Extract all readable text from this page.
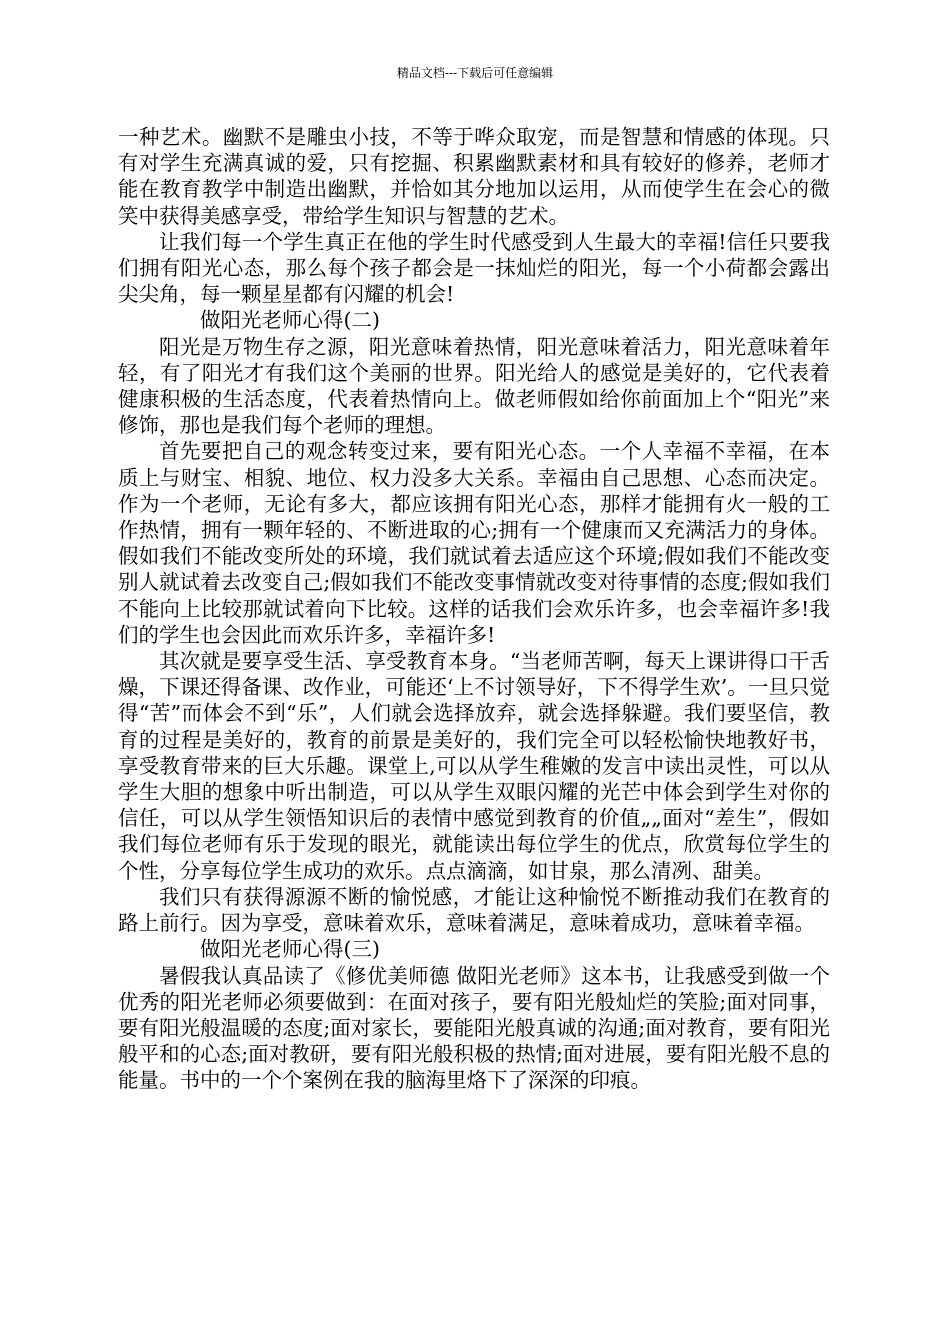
精品文档---下载后可任意编辑

一种艺术。幽默不是雕虫小技，不等于哗众取宠，而是智慧和情感的体现。只有对学生充满真诚的爱，只有挖掘、积累幽默素材和具有较好的修养，老师才能在教育教学中制造出幽默，并恰如其分地加以运用，从而使学生在会心的微笑中获得美感享受，带给学生知识与智慧的艺术。

让我们每一个学生真正在他的学生时代感受到人生最大的幸福!信任只要我们拥有阳光心态，那么每个孩子都会是一抹灿烂的阳光，每一个小荷都会露出尖尖角，每一颗星星都有闪耀的机会!

做阳光老师心得(二)

阳光是万物生存之源，阳光意味着热情，阳光意味着活力，阳光意味着年轻，有了阳光才有我们这个美丽的世界。阳光给人的感觉是美好的，它代表着健康积极的生活态度，代表着热情向上。做老师假如给你前面加上个“阳光”来修饰，那也是我们每个老师的理想。

首先要把自己的观念转变过来，要有阳光心态。一个人幸福不幸福，在本质上与财宝、相貌、地位、权力没多大关系。幸福由自己思想、心态而决定。作为一个老师，无论有多大，都应该拥有阳光心态，那样才能拥有火一般的工作热情，拥有一颗年轻的、不断进取的心;拥有一个健康而又充满活力的身体。假如我们不能改变所处的环境，我们就试着去适应这个环境;假如我们不能改变别人就试着去改变自己;假如我们不能改变事情就改变对待事情的态度;假如我们不能向上比较那就试着向下比较。这样的话我们会欢乐许多，也会幸福许多!我们的学生也会因此而欢乐许多，幸福许多!

其次就是要享受生活、享受教育本身。“当老师苦啊，每天上课讲得口干舌燥，下课还得备课、改作业，可能还‘上不讨领导好，下不得学生欢’。一旦只觉得“苦”而体会不到“乐”，人们就会选择放弃，就会选择躲避。我们要坚信，教育的过程是美好的，教育的前景是美好的，我们完全可以轻松愉快地教好书，享受教育带来的巨大乐趣。课堂上,可以从学生稚嫩的发言中读出灵性，可以从学生大胆的想象中听出制造，可以从学生双眼闪耀的光芒中体会到学生对你的信任，可以从学生领悟知识后的表情中感觉到教育的价值„„面对“差生”，假如我们每位老师有乐于发现的眼光，就能读出每位学生的优点，欣赏每位学生的个性，分享每位学生成功的欢乐。点点滴滴，如甘泉，那么清冽、甜美。

我们只有获得源源不断的愉悦感，才能让这种愉悦不断推动我们在教育的路上前行。因为享受，意味着欢乐，意味着满足，意味着成功，意味着幸福。

做阳光老师心得(三)

暑假我认真品读了《修优美师德 做阳光老师》这本书，让我感受到做一个优秀的阳光老师必须要做到：在面对孩子，要有阳光般灿烂的笑脸;面对同事，要有阳光般温暖的态度;面对家长，要能阳光般真诚的沟通;面对教育，要有阳光般平和的心态;面对教研，要有阳光般积极的热情;面对进展，要有阳光般不息的能量。书中的一个个案例在我的脑海里烙下了深深的印痕。
